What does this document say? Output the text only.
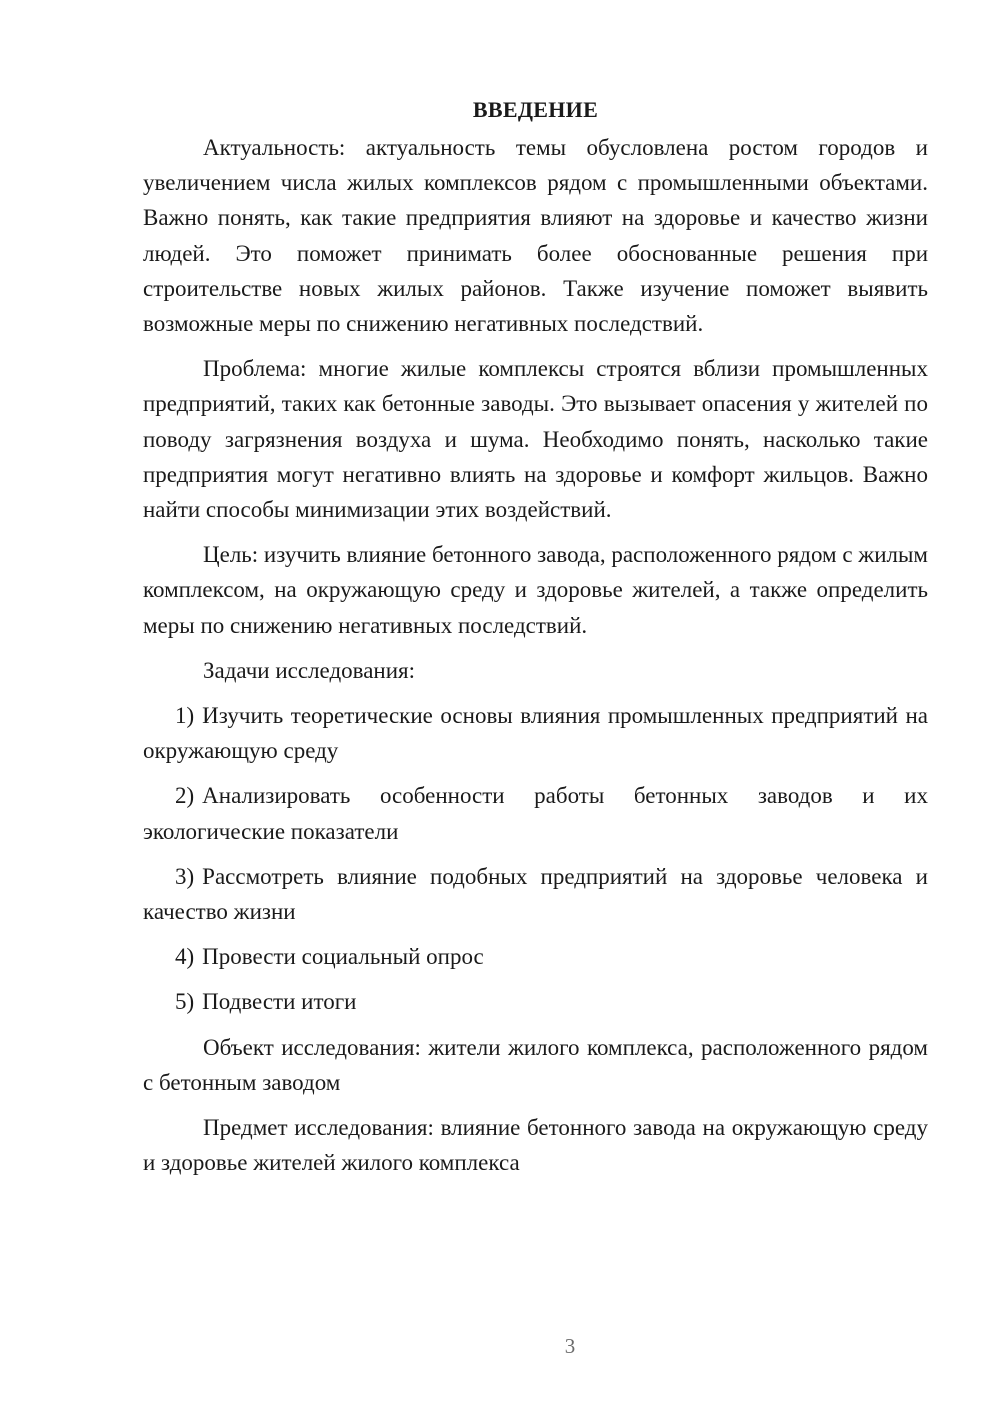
ВВЕДЕНИЕ

Актуальность: актуальность темы обусловлена ростом городов и увеличением числа жилых комплексов рядом с промышленными объектами. Важно понять, как такие предприятия влияют на здоровье и качество жизни людей. Это поможет принимать более обоснованные решения при строительстве новых жилых районов. Также изучение поможет выявить возможные меры по снижению негативных последствий.

Проблема: многие жилые комплексы строятся вблизи промышленных предприятий, таких как бетонные заводы. Это вызывает опасения у жителей по поводу загрязнения воздуха и шума. Необходимо понять, насколько такие предприятия могут негативно влиять на здоровье и комфорт жильцов. Важно найти способы минимизации этих воздействий.

Цель: изучить влияние бетонного завода, расположенного рядом с жилым комплексом, на окружающую среду и здоровье жителей, а также определить меры по снижению негативных последствий.

Задачи исследования:

1) Изучить теоретические основы влияния промышленных предприятий на окружающую среду
2) Анализировать особенности работы бетонных заводов и их экологические показатели
3) Рассмотреть влияние подобных предприятий на здоровье человека и качество жизни
4) Провести социальный опрос
5) Подвести итоги

Объект исследования: жители жилого комплекса, расположенного рядом с бетонным заводом

Предмет исследования: влияние бетонного завода на окружающую среду и здоровье жителей жилого комплекса

3
